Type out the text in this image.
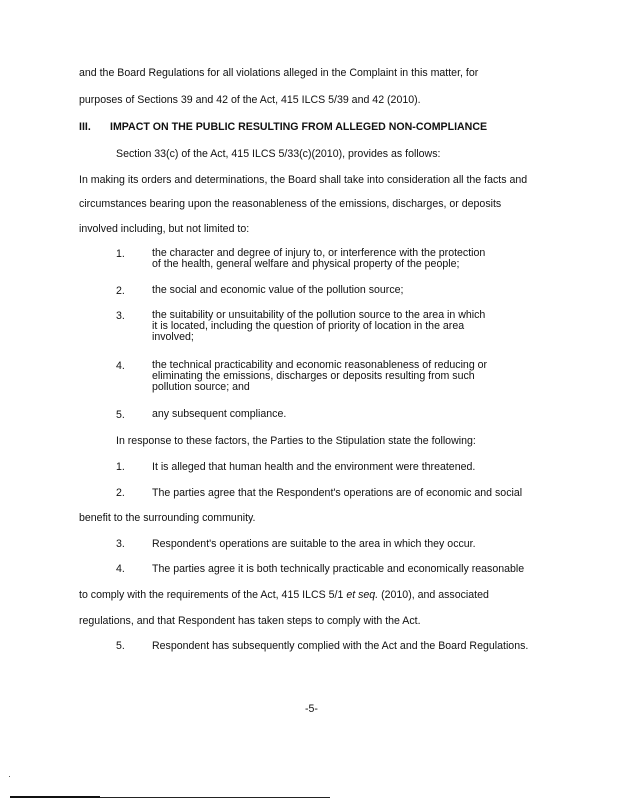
and the Board Regulations for all violations alleged in the Complaint in this matter, for
purposes of Sections 39 and 42 of the Act, 415 ILCS 5/39 and 42 (2010).
III. IMPACT ON THE PUBLIC RESULTING FROM ALLEGED NON-COMPLIANCE
Section 33(c) of the Act, 415 ILCS 5/33(c)(2010), provides as follows:
In making its orders and determinations, the Board shall take into consideration all the facts and
circumstances bearing upon the reasonableness of the emissions, discharges, or deposits
involved including, but not limited to:
1.	the character and degree of injury to, or interference with the protection
of the health, general welfare and physical property of the people;
2.	the social and economic value of the pollution source;
3.	the suitability or unsuitability of the pollution source to the area in which
it is located, including the question of priority of location in the area
involved;
4.	the technical practicability and economic reasonableness of reducing or
eliminating the emissions, discharges or deposits resulting from such
pollution source; and
5.	any subsequent compliance.
In response to these factors, the Parties to the Stipulation state the following:
1.	It is alleged that human health and the environment were threatened.
2.	The parties agree that the Respondent's operations are of economic and social
benefit to the surrounding community.
3.	Respondent's operations are suitable to the area in which they occur.
4.	The parties agree it is both technically practicable and economically reasonable
to comply with the requirements of the Act, 415 ILCS 5/1 et seq. (2010), and associated
regulations, and that Respondent has taken steps to comply with the Act.
5.	Respondent has subsequently complied with the Act and the Board Regulations.
-5-
